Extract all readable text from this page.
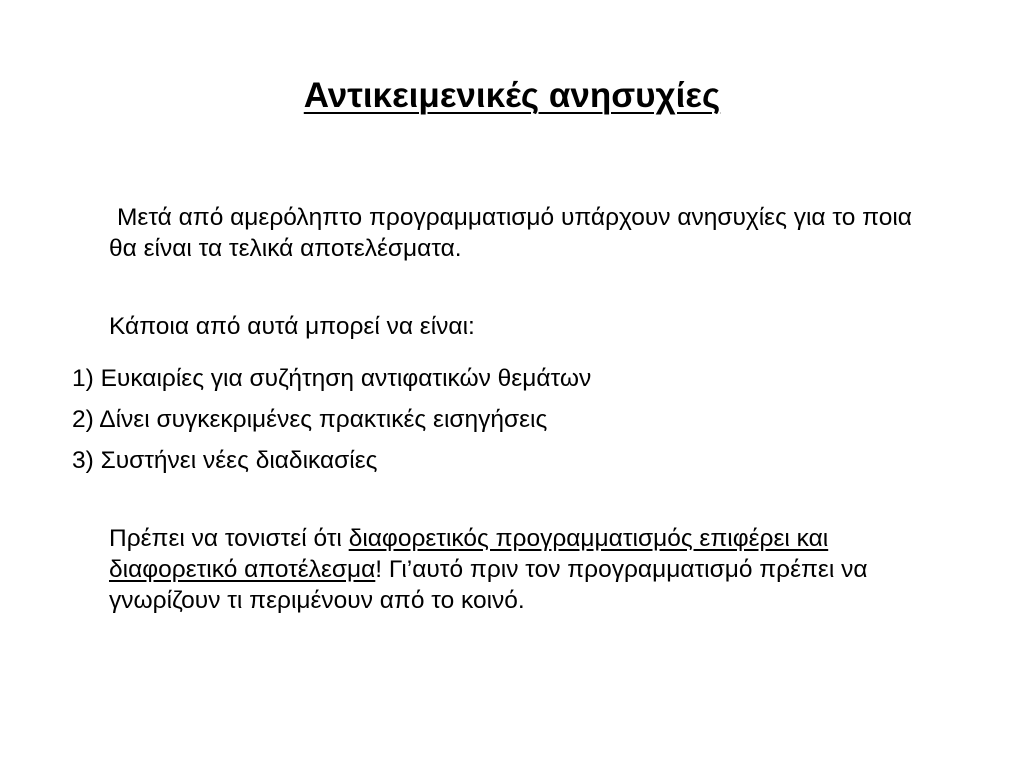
Αντικειμενικές ανησυχίες

Μετά από αμερόληπτο προγραμματισμό υπάρχουν ανησυχίες για το ποια θα είναι τα τελικά αποτελέσματα.

Κάποια από αυτά μπορεί να είναι:

1) Ευκαιρίες για συζήτηση αντιφατικών θεμάτων

2) Δίνει συγκεκριμένες πρακτικές εισηγήσεις

3) Συστήνει νέες διαδικασίες

Πρέπει να τονιστεί ότι διαφορετικός προγραμματισμός επιφέρει και διαφορετικό αποτέλεσμα! Γι’αυτό πριν τον προγραμματισμό πρέπει να γνωρίζουν τι περιμένουν από το κοινό.
